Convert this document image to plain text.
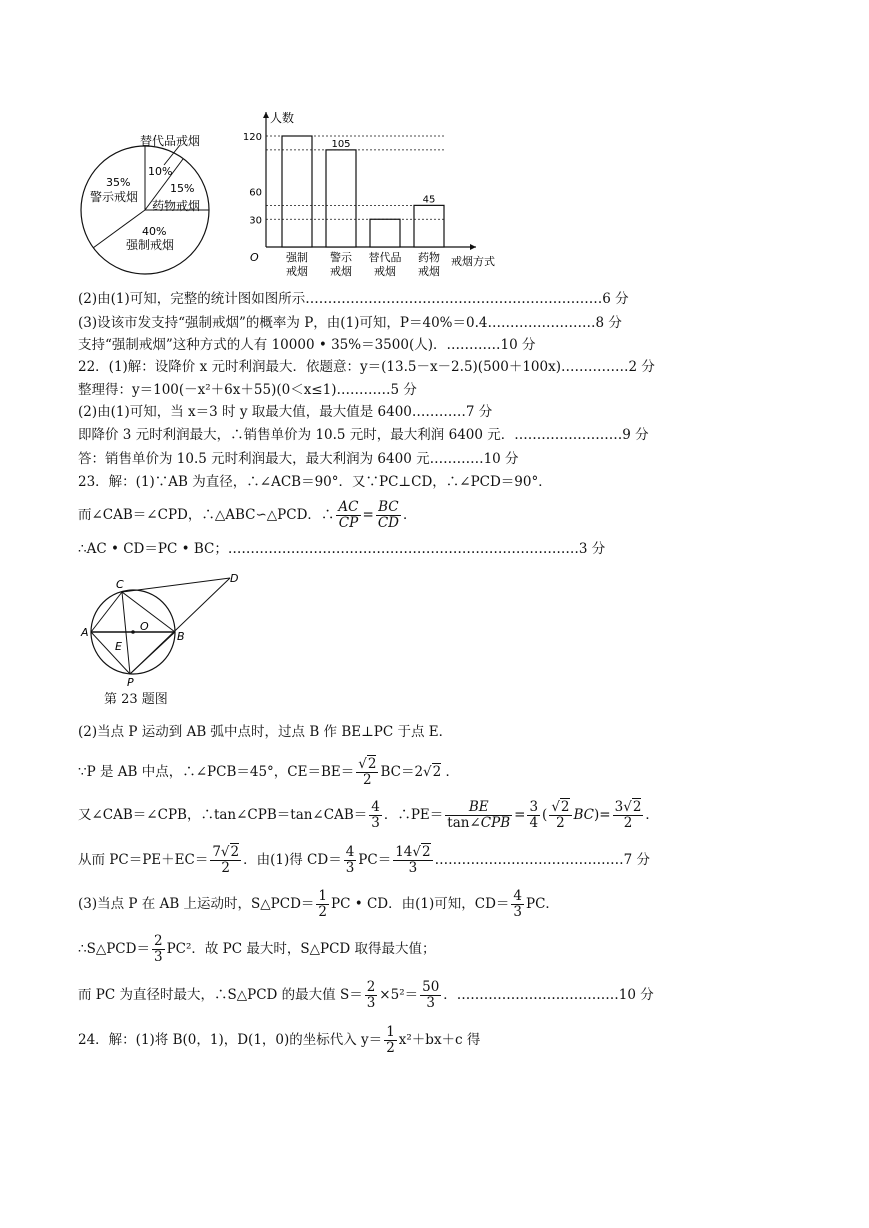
替代品戒烟
10%
15%
药物戒烟
35%
警示戒烟
40%
强制戒烟
人数
戒烟方式
O 强制
戒烟
105
警示
戒烟
替代品
戒烟
45
药物
戒烟
30
60
120
(2)由(1)可知，完整的统计图如图所示…………………………………………………………6 分
(3)设该市发支持“强制戒烟”的概率为 P，由(1)可知，P＝40%＝0.4……………………8 分
支持“强制戒烟”这种方式的人有 10000 • 35%＝3500(人)．…………10 分
22．(1)解：设降价 x 元时利润最大．依题意：y＝(13.5－x－2.5)(500＋100x)……………2 分
整理得：y＝100(－x²＋6x＋55)(0＜x≤1)…………5 分
(2)由(1)可知，当 x＝3 时 y 取最大值，最大值是 6400…………7 分
即降价 3 元时利润最大，∴销售单价为 10.5 元时，最大利润 6400 元．……………………9 分
答：销售单价为 10.5 元时利润最大，最大利润为 6400 元…………10 分
23．解：(1)∵AB 为直径，∴∠ACB＝90°．又∵PC⊥CD，∴∠PCD＝90°．
而∠CAB＝∠CPD，∴△ABC∽△PCD．∴ $\frac{AC}{CP} = \frac{BC}{CD}$ ．
∴AC • CD＝PC • BC；……………………………………………………………………3 分
C	D
A	O
B
E
P
第 23 题图
(2)当点 P 运动到 AB 弧中点时，过点 B 作 BE⊥PC 于点 E．
∵P 是 AB 中点，∴∠PCB＝45°，$CE=BE= \frac{√2}{2} BC=2√2$ ．
又∠CAB＝∠CPB，∴tan∠CPB＝tan∠CAB＝ $\frac{4}{3}$ ．∴PE＝ $\frac{BE}{\text{tan∠CPB}} = \frac{3}{4}$ ( $\frac{√2}{2} BC)= \frac{3√2}{2}$ ．
从而 $PC=PE+EC= \frac{7√2}{2}$ ．由(1)得 $CD= \frac{4}{3} PC= \frac{14√2}{3}$ ……………………………………7 分
(3)当点 P 在 AB 上运动时，S△PCD＝ $\frac{1}{2}$ PC • CD．由(1)可知，$CD= \frac{4}{3}$ PC．
∴S△PCD＝ $\frac{2}{3} PC^2$．故 PC 最大时，S△PCD 取得最大值；
而 PC 为直径时最大，∴S△PCD 的最大值 $S= \frac{2}{3} \times 5^2= \frac{50}{3}$ ．………………………………10 分
24．解：(1)将 B(0，1)，D(1，0)的坐标代入 $y= \frac{1}{2} x^2+bx+c$ 得
